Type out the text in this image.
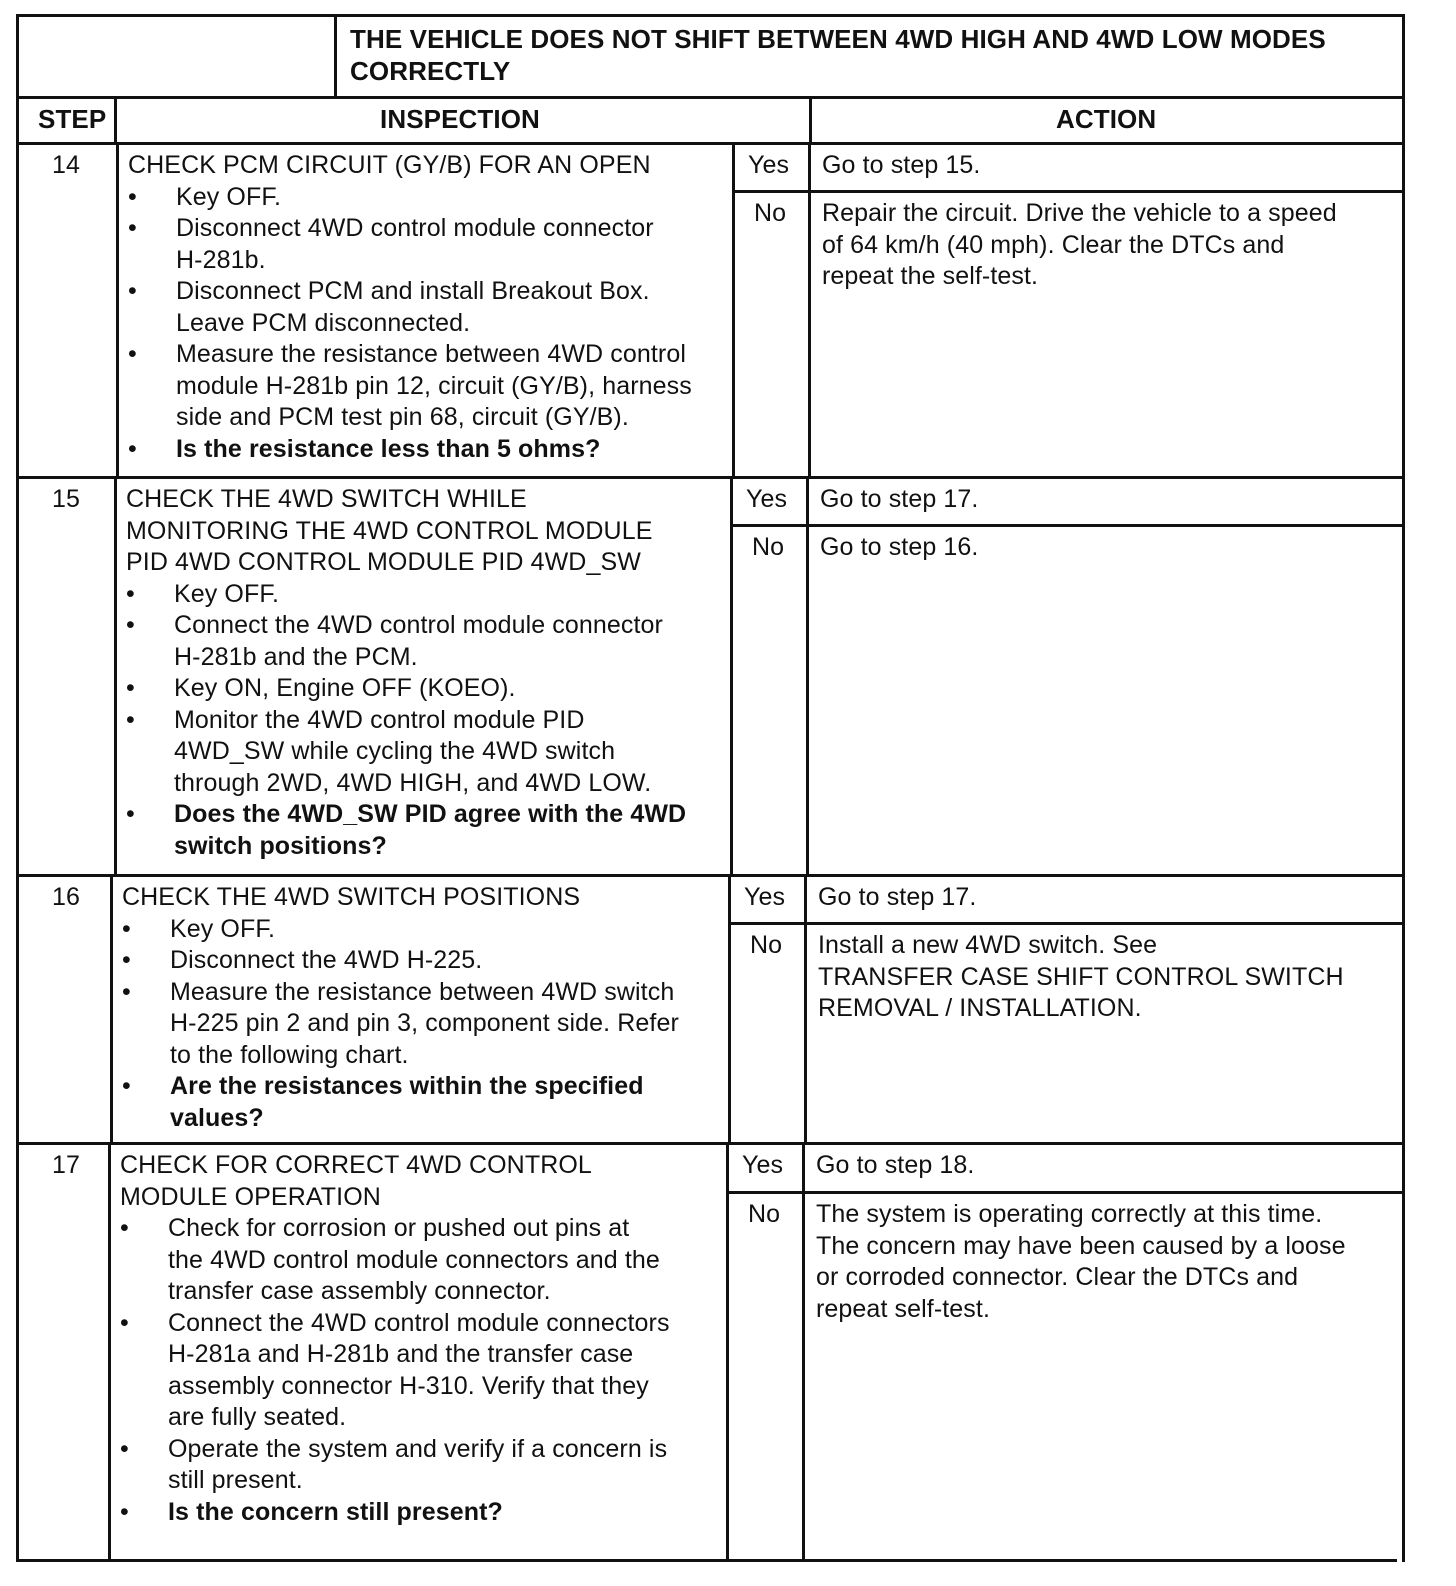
THE VEHICLE DOES NOT SHIFT BETWEEN 4WD HIGH AND 4WD LOW MODES
CORRECTLY
STEP	INSPECTION	ACTION
14 CHECK PCM CIRCUIT (GY/B) FOR AN OPEN
• Key OFF.
• Disconnect 4WD control module connector
H-281b.
• Disconnect PCM and install Breakout Box.
Leave PCM disconnected.
• Measure the resistance between 4WD control
module H-281b pin 12, circuit (GY/B), harness
side and PCM test pin 68, circuit (GY/B).
• Is the resistance less than 5 ohms?
Yes
No
Go to step 15.
Repair the circuit. Drive the vehicle to a speed
of 64 km/h (40 mph). Clear the DTCs and
repeat the self-test.
15 CHECK THE 4WD SWITCH WHILE
MONITORING THE 4WD CONTROL MODULE
PID 4WD CONTROL MODULE PID 4WD_SW
• Key OFF.
• Connect the 4WD control module connector
H-281b and the PCM.
• Key ON, Engine OFF (KOEO).
• Monitor the 4WD control module PID
4WD_SW while cycling the 4WD switch
through 2WD, 4WD HIGH, and 4WD LOW.
• Does the 4WD_SW PID agree with the 4WD
switch positions?
Yes
No
Go to step 17.
Go to step 16.
16 CHECK THE 4WD SWITCH POSITIONS
• Key OFF.
• Disconnect the 4WD H-225.
• Measure the resistance between 4WD switch
H-225 pin 2 and pin 3, component side. Refer
to the following chart.
• Are the resistances within the specified
values?
Yes
No
Go to step 17.
Install a new 4WD switch. See
TRANSFER CASE SHIFT CONTROL SWITCH
REMOVAL / INSTALLATION.
17 CHECK FOR CORRECT 4WD CONTROL
MODULE OPERATION
• Check for corrosion or pushed out pins at
the 4WD control module connectors and the
transfer case assembly connector.
• Connect the 4WD control module connectors
H-281a and H-281b and the transfer case
assembly connector H-310. Verify that they
are fully seated.
• Operate the system and verify if a concern is
still present.
• Is the concern still present?
Yes
No
Go to step 18.
The system is operating correctly at this time.
The concern may have been caused by a loose
or corroded connector. Clear the DTCs and
repeat self-test.
